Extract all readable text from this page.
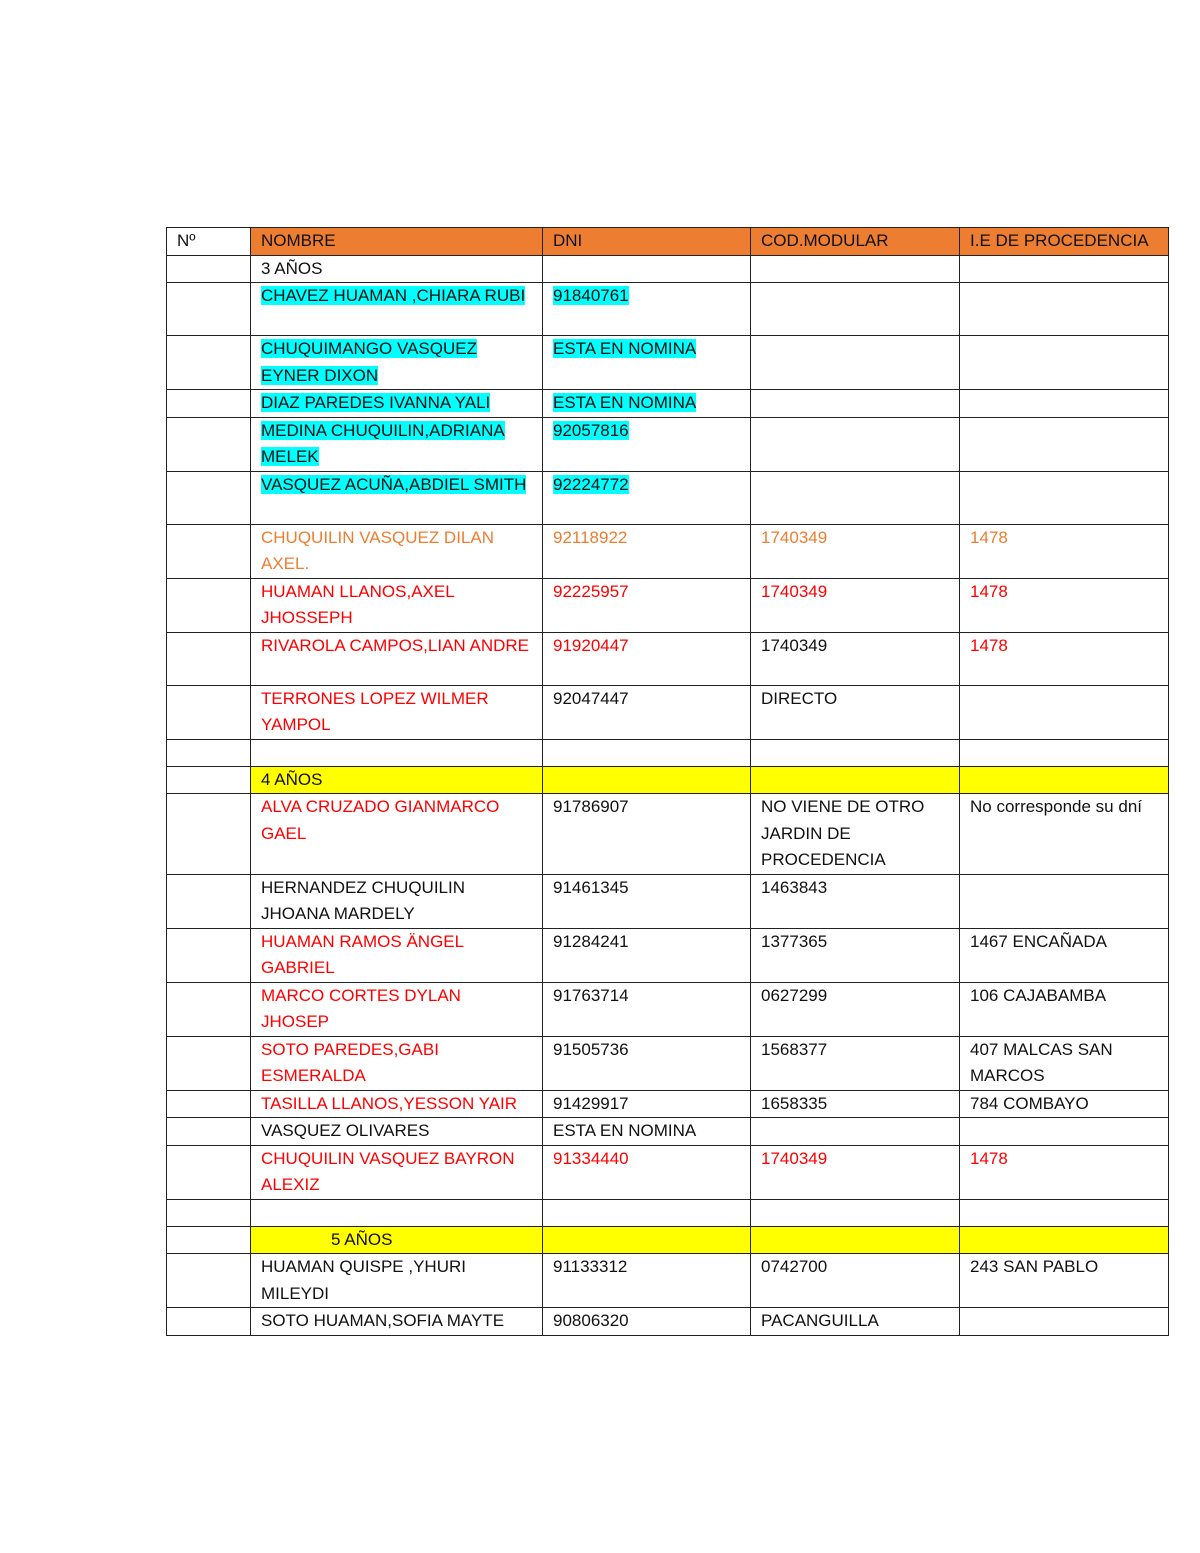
Nº	NOMBRE	DNI	COD.MODULAR	I.E DE PROCEDENCIA
	3 AÑOS			
	CHAVEZ HUAMAN ,CHIARA RUBI	91840761		
	CHUQUIMANGO VASQUEZ EYNER DIXON	ESTA EN NOMINA		
	DIAZ PAREDES IVANNA YALI	ESTA EN NOMINA		
	MEDINA CHUQUILIN,ADRIANA MELEK	92057816		
	VASQUEZ ACUÑA,ABDIEL SMITH	92224772		
	CHUQUILIN VASQUEZ DILAN AXEL.	92118922	1740349	1478
	HUAMAN LLANOS,AXEL JHOSSEPH	92225957	1740349	1478
	RIVAROLA CAMPOS,LIAN ANDRE	91920447	1740349	1478
	TERRONES LOPEZ WILMER YAMPOL	92047447	DIRECTO	

	4 AÑOS			
	ALVA CRUZADO GIANMARCO GAEL	91786907	NO VIENE DE OTRO JARDIN DE PROCEDENCIA	No corresponde su dní
	HERNANDEZ CHUQUILIN JHOANA MARDELY	91461345	1463843	
	HUAMAN RAMOS ÄNGEL GABRIEL	91284241	1377365	1467 ENCAÑADA
	MARCO CORTES DYLAN JHOSEP	91763714	0627299	106 CAJABAMBA
	SOTO PAREDES,GABI ESMERALDA	91505736	1568377	407 MALCAS SAN MARCOS
	TASILLA LLANOS,YESSON YAIR	91429917	1658335	784 COMBAYO
	VASQUEZ OLIVARES	ESTA EN NOMINA		
	CHUQUILIN VASQUEZ BAYRON ALEXIZ	91334440	1740349	1478

	5 AÑOS			
	HUAMAN QUISPE ,YHURI MILEYDI	91133312	0742700	243 SAN PABLO
	SOTO HUAMAN,SOFIA MAYTE	90806320	PACANGUILLA	
